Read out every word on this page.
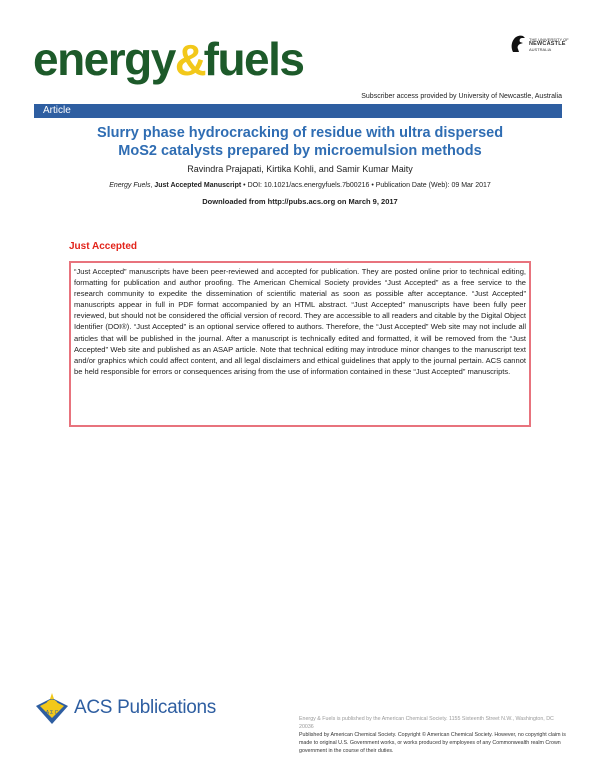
energy&fuels	THE UNIVERSITY OF
NEWCASTLE
AUSTRALIA
Subscriber access provided by University of Newcastle, Australia
Article
Slurry phase hydrocracking of residue with ultra dispersed
MoS2 catalysts prepared by microemulsion methods
Ravindra Prajapati, Kirtika Kohli, and Samir Kumar Maity
Energy Fuels, Just Accepted Manuscript • DOI: 10.1021/acs.energyfuels.7b00216 • Publication Date (Web): 09 Mar 2017
Downloaded from http://pubs.acs.org on March 9, 2017
Just Accepted

“Just Accepted” manuscripts have been peer-reviewed and accepted for publication. They are posted online prior to technical editing, formatting for publication and author proofing. The American Chemical Society provides “Just Accepted” as a free service to the research community to expedite the dissemination of scientific material as soon as possible after acceptance. “Just Accepted” manuscripts appear in full in PDF format accompanied by an HTML abstract. “Just Accepted” manuscripts have been fully peer reviewed, but should not be considered the official version of record. They are accessible to all readers and citable by the Digital Object Identifier (DOI®). “Just Accepted” is an optional service offered to authors. Therefore, the “Just Accepted” Web site may not include all articles that will be published in the journal. After a manuscript is technically edited and formatted, it will be removed from the “Just Accepted” Web site and published as an ASAP article. Note that technical editing may introduce minor changes to the manuscript text and/or graphics which could affect content, and all legal disclaimers and ethical guidelines that apply to the journal pertain. ACS cannot be held responsible for errors or consequences arising from the use of information contained in these “Just Accepted” manuscripts.

A Σ C ACS Publications
Energy & Fuels is published by the American Chemical Society. 1155 Sixteenth Street N.W., Washington, DC 20036
Published by American Chemical Society. Copyright © American Chemical Society. However, no copyright claim is made to original U.S. Government works, or works produced by employees of any Commonwealth realm Crown government in the course of their duties.
